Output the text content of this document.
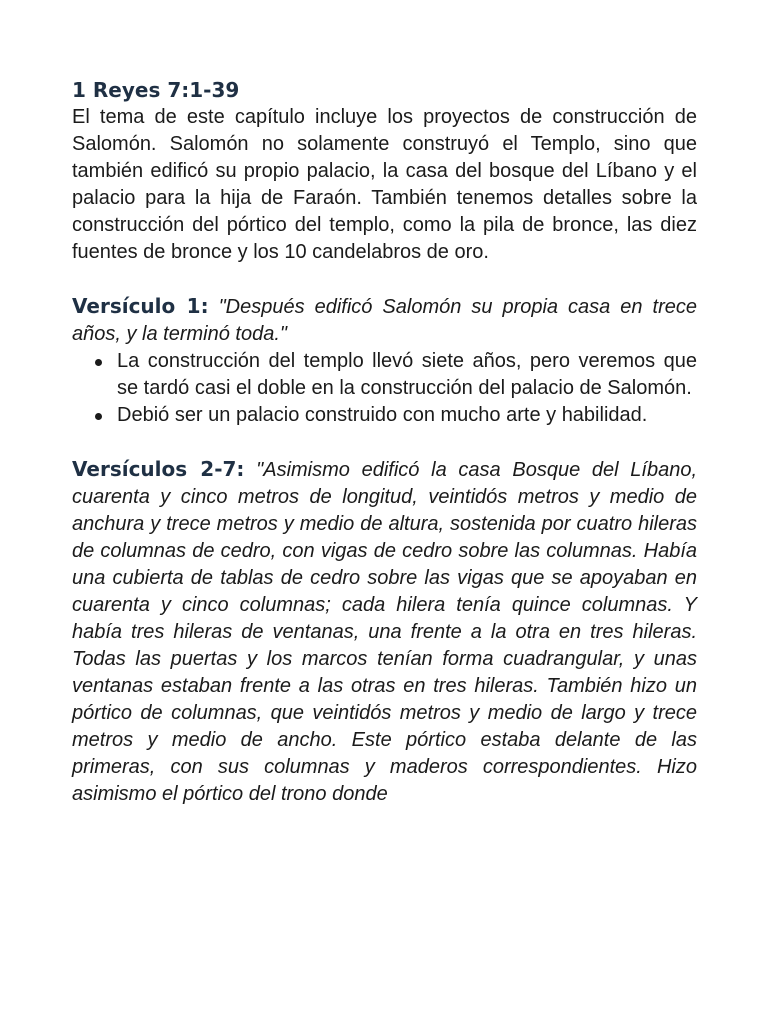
1 Reyes 7:1-39

El tema de este capítulo incluye los proyectos de construcción de Salomón. Salomón no solamente construyó el Templo, sino que también edificó su propio palacio, la casa del bosque del Líbano y el palacio para la hija de Faraón. También tenemos detalles sobre la construcción del pórtico del templo, como la pila de bronce, las diez fuentes de bronce y los 10 candelabros de oro.

Versículo 1: "Después edificó Salomón su propia casa en trece años, y la terminó toda."

La construcción del templo llevó siete años, pero veremos que se tardó casi el doble en la construcción del palacio de Salomón.
Debió ser un palacio construido con mucho arte y habilidad.

Versículos 2-7: "Asimismo edificó la casa Bosque del Líbano, cuarenta y cinco metros de longitud, veintidós metros y medio de anchura y trece metros y medio de altura, sostenida por cuatro hileras de columnas de cedro, con vigas de cedro sobre las columnas. Había una cubierta de tablas de cedro sobre las vigas que se apoyaban en cuarenta y cinco columnas; cada hilera tenía quince columnas. Y había tres hileras de ventanas, una frente a la otra en tres hileras. Todas las puertas y los marcos tenían forma cuadrangular, y unas ventanas estaban frente a las otras en tres hileras. También hizo un pórtico de columnas, que veintidós metros y medio de largo y trece metros y medio de ancho. Este pórtico estaba delante de las primeras, con sus columnas y maderos correspondientes. Hizo asimismo el pórtico del trono donde
